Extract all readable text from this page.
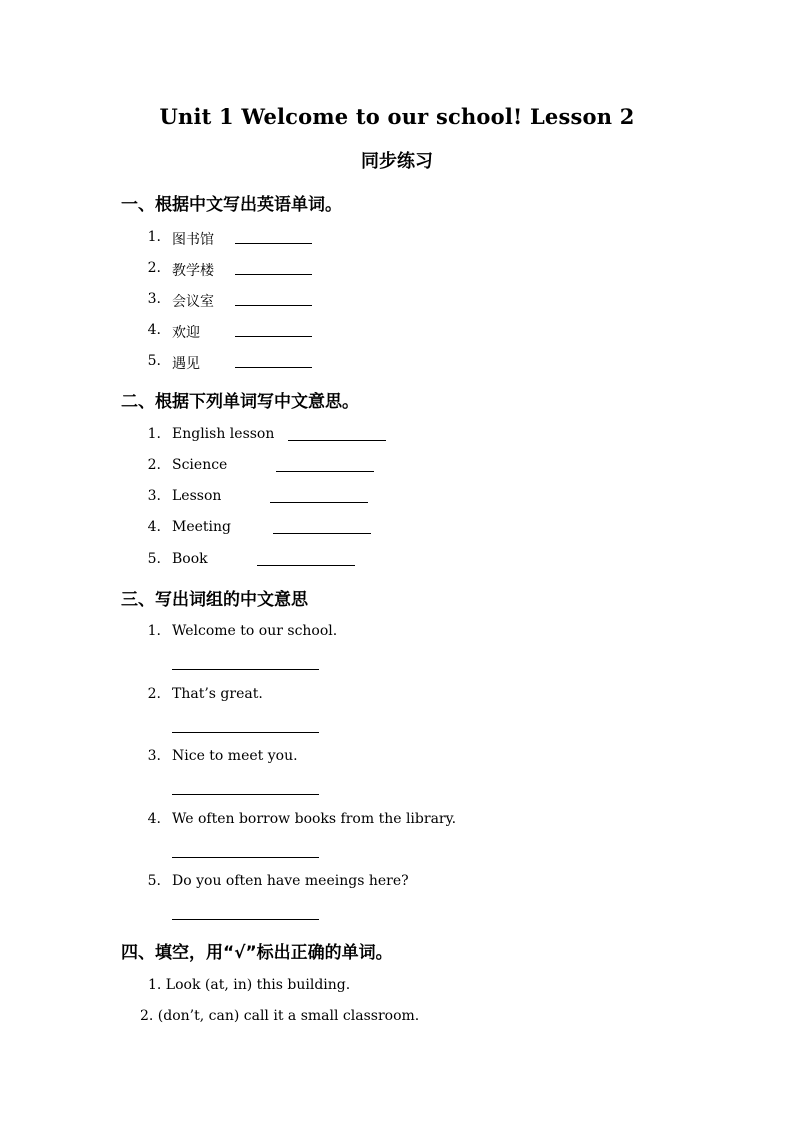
Unit 1 Welcome to our school! Lesson 2
同步练习
一、根据中文写出英语单词。
1. 图书馆
2. 教学楼
3. 会议室
4. 欢迎
5. 遇见
二、根据下列单词写中文意思。
1. English lesson
2. Science
3. Lesson
4. Meeting
5. Book
三、写出词组的中文意思
1. Welcome to our school.
2. That’s great.
3. Nice to meet you.
4. We often borrow books from the library.
5. Do you often have meeings here?
四、填空，用“√”标出正确的单词。
1. Look (at, in) this building.
2. (don’t, can) call it a small classroom.
